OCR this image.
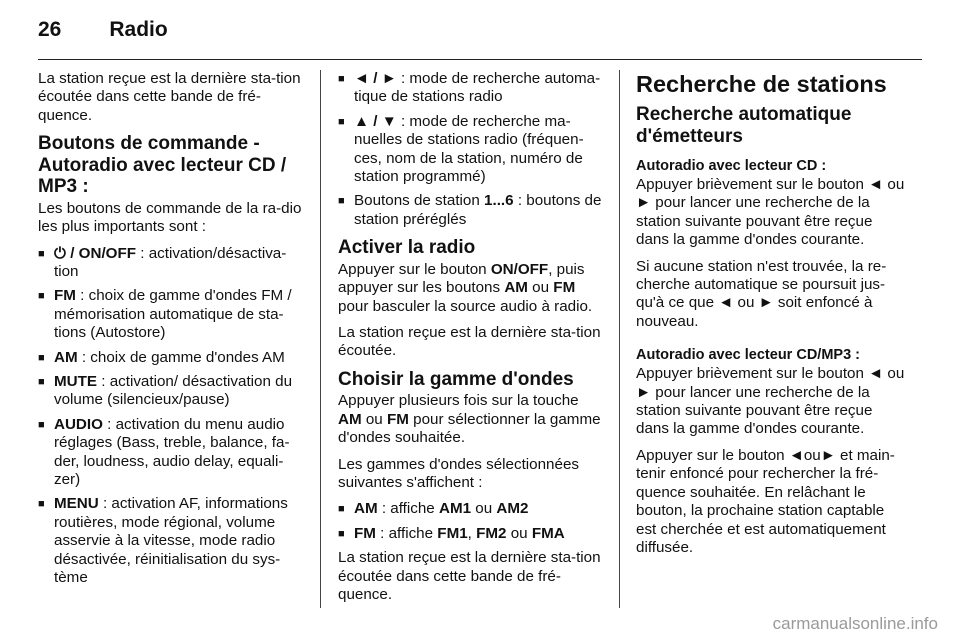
26 Radio

La station reçue est la dernière sta-tion écoutée dans cette bande de fré-quence.

Boutons de commande - Autoradio avec lecteur CD / MP3 :

Les boutons de commande de la ra-dio les plus importants sont :

■ ⏻ / ON/OFF : activation/désactiva-tion
■ FM : choix de gamme d'ondes FM / mémorisation automatique de sta-tions (Autostore)
■ AM : choix de gamme d'ondes AM
■ MUTE : activation/ désactivation du volume (silencieux/pause)
■ AUDIO : activation du menu audio réglages (Bass, treble, balance, fa-der, loudness, audio delay, equali-zer)
■ MENU : activation AF, informations routières, mode régional, volume asservie à la vitesse, mode radio désactivée, réinitialisation du sys-tème
■ ◄ / ► : mode de recherche automa-tique de stations radio
■ ▲ / ▼ : mode de recherche ma-nuelles de stations radio (fréquen-ces, nom de la station, numéro de station programmé)
■ Boutons de station 1...6 : boutons de station préréglés
Activer la radio

Appuyer sur le bouton ON/OFF, puis appuyer sur les boutons AM ou FM pour basculer la source audio à radio.

La station reçue est la dernière sta-tion écoutée.

Choisir la gamme d'ondes

Appuyer plusieurs fois sur la touche AM ou FM pour sélectionner la gamme d'ondes souhaitée.

Les gammes d'ondes sélectionnées suivantes s'affichent :

■ AM : affiche AM1 ou AM2
■ FM : affiche FM1, FM2 ou FMA

La station reçue est la dernière sta-tion écoutée dans cette bande de fré-quence.

Recherche de stations
Recherche automatique d'émetteurs
Autoradio avec lecteur CD :

Appuyer brièvement sur le bouton ◄ ou ► pour lancer une recherche de la station suivante pouvant être reçue dans la gamme d'ondes courante.

Si aucune station n'est trouvée, la re-cherche automatique se poursuit jus-qu'à ce que ◄ ou ► soit enfoncé à nouveau.

Autoradio avec lecteur CD/MP3 :

Appuyer brièvement sur le bouton ◄ ou ► pour lancer une recherche de la station suivante pouvant être reçue dans la gamme d'ondes courante.

Appuyer sur le bouton ◄ou► et main-tenir enfoncé pour rechercher la fré-quence souhaitée. En relâchant le bouton, la prochaine station captable est cherchée et est automatiquement diffusée.

carmanualsonline.info
